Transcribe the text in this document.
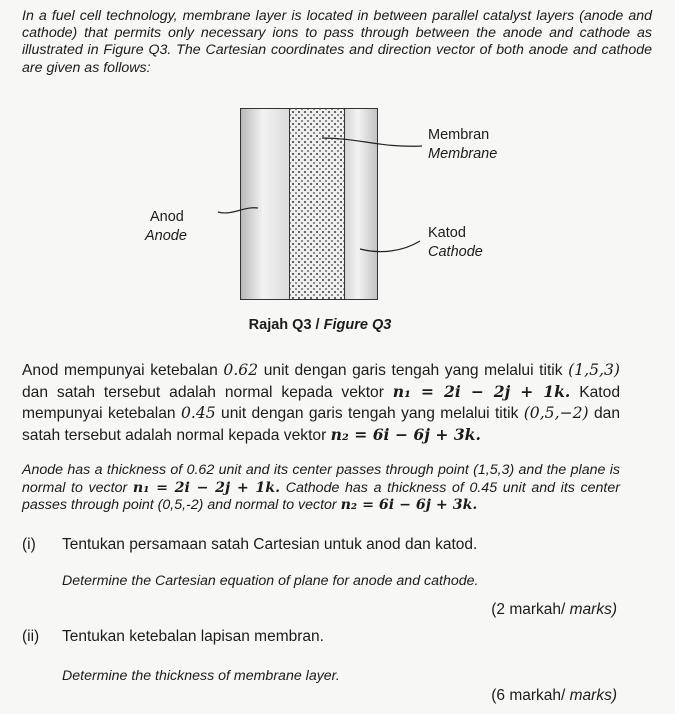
In a fuel cell technology, membrane layer is located in between parallel catalyst layers (anode and cathode) that permits only necessary ions to pass through between the anode and cathode as illustrated in Figure Q3. The Cartesian coordinates and direction vector of both anode and cathode are given as follows:
Membran
Membrane
Anod
Anode	Katod
Cathode
Rajah Q3 / Figure Q3
Anod mempunyai ketebalan 0.62 unit dengan garis tengah yang melalui titik (1,5,3) dan satah tersebut adalah normal kepada vektor n₁ = 2i − 2j + 1k. Katod mempunyai ketebalan 0.45 unit dengan garis tengah yang melalui titik (0,5,−2) dan satah tersebut adalah normal kepada vektor n₂ = 6i − 6j + 3k.
Anode has a thickness of 0.62 unit and its center passes through point (1,5,3) and the plane is normal to vector n₁ = 2i − 2j + 1k. Cathode has a thickness of 0.45 unit and its center passes through point (0,5,-2) and normal to vector n₂ = 6i − 6j + 3k.
(i) Tentukan persamaan satah Cartesian untuk anod dan katod.
Determine the Cartesian equation of plane for anode and cathode.
(2 markah/ marks)
(ii) Tentukan ketebalan lapisan membran.
Determine the thickness of membrane layer.
(6 markah/ marks)
